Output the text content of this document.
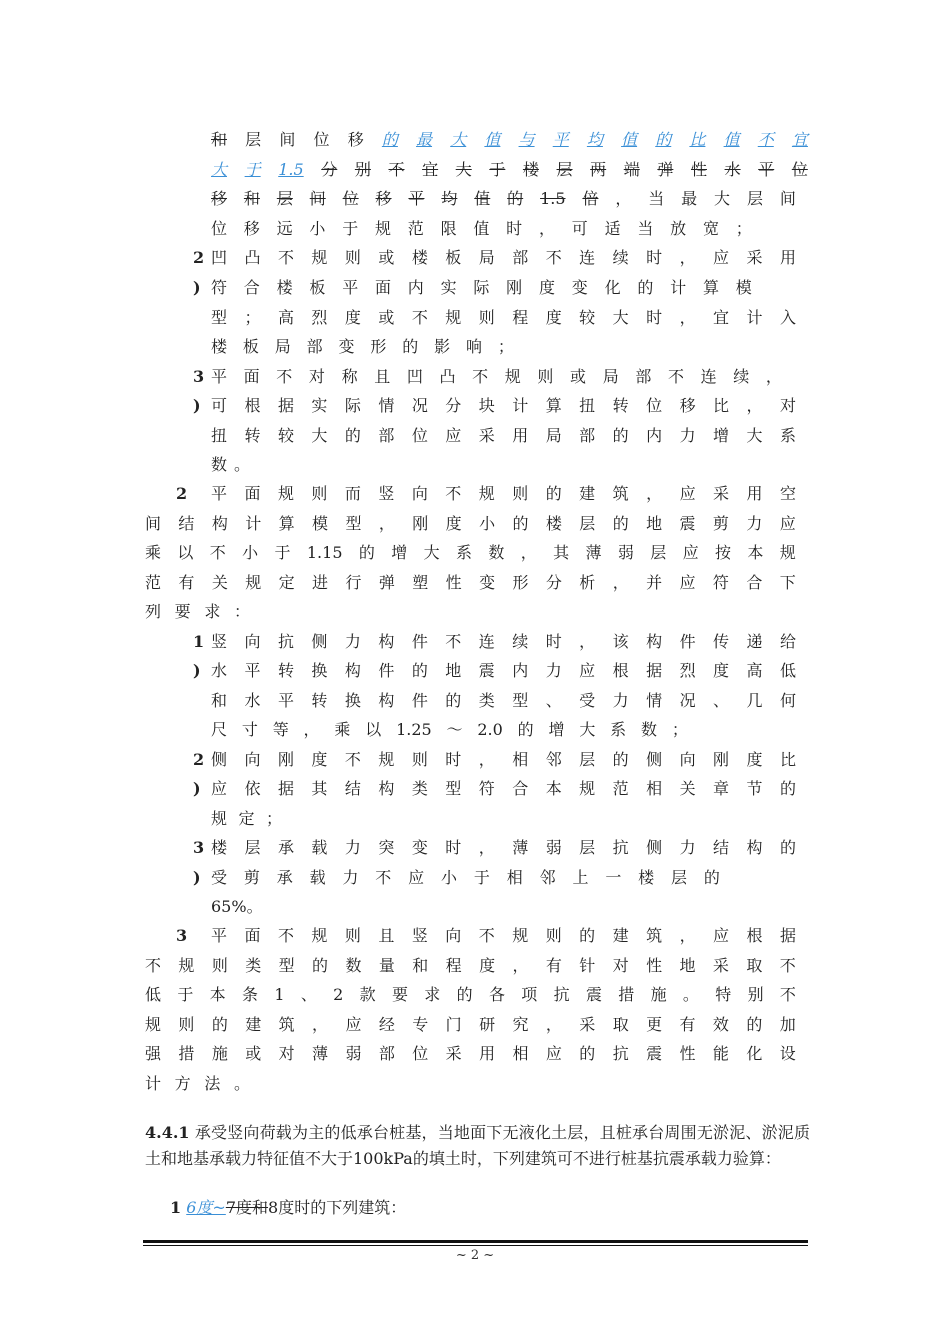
和 层 间 位 移 的 最 大 值 与 平 均 值 的 比 值 不 宜
大 于 1.5 分 别 不 宜 大 于 楼 层 两 端 弹 性 水 平 位
移 和 层 间 位 移 平 均 值 的 1.5 倍 ， 当 最 大 层 间
位 移 远 小 于 规 范 限 值 时 ， 可 适 当 放 宽 ；
凹 凸 不 规 则 或 楼 板 局 部 不 连 续 时 ， 应 采 用
符 合 楼 板 平 面 内 实 际 刚 度 变 化 的 计 算 模
型 ； 高 烈 度 或 不 规 则 程 度 较 大 时 ， 宜 计 入
楼 板 局 部 变 形 的 影 响 ；
平 面 不 对 称 且 凹 凸 不 规 则 或 局 部 不 连 续 ，
可 根 据 实 际 情 况 分 块 计 算 扭 转 位 移 比 ， 对
扭 转 较 大 的 部 位 应 采 用 局 部 的 内 力 增 大 系
数 。
平 面 规 则 而 竖 向 不 规 则 的 建 筑 ， 应 采 用 空
间 结 构 计 算 模 型 ， 刚 度 小 的 楼 层 的 地 震 剪 力 应
乘 以 不 小 于 1.15 的 增 大 系 数 ， 其 薄 弱 层 应 按 本 规
范 有 关 规 定 进 行 弹 塑 性 变 形 分 析 ， 并 应 符 合 下
列 要 求 ：
竖 向 抗 侧 力 构 件 不 连 续 时 ， 该 构 件 传 递 给
水 平 转 换 构 件 的 地 震 内 力 应 根 据 烈 度 高 低
和 水 平 转 换 构 件 的 类 型 、 受 力 情 况 、 几 何
尺 寸 等 ， 乘 以 1.25 ～ 2.0 的 增 大 系 数 ；
侧 向 刚 度 不 规 则 时 ， 相 邻 层 的 侧 向 刚 度 比
应 依 据 其 结 构 类 型 符 合 本 规 范 相 关 章 节 的
规 定 ；
楼 层 承 载 力 突 变 时 ， 薄 弱 层 抗 侧 力 结 构 的
受 剪 承 载 力 不 应 小 于 相 邻 上 一 楼 层 的
65% 。
平 面 不 规 则 且 竖 向 不 规 则 的 建 筑 ， 应 根 据
不 规 则 类 型 的 数 量 和 程 度 ， 有 针 对 性 地 采 取 不
低 于 本 条 1 、 2 款 要 求 的 各 项 抗 震 措 施 。 特 别 不
规 则 的 建 筑 ， 应 经 专 门 研 究 ， 采 取 更 有 效 的 加
强 措 施 或 对 薄 弱 部 位 采 用 相 应 的 抗 震 性 能 化 设
计 方 法 。
2
)
3
)
2
1
)
2
)
3
)
3
4.4.1 承受竖向荷载为主的低承台桩基，当地面下无液化土层，且桩承台周围无淤泥、淤泥质土和地基承载力特征值不大于100kPa的填土时，下列建筑可不进行桩基抗震承载力验算：
1 6度~7度和8度时的下列建筑：
~ 2 ~
